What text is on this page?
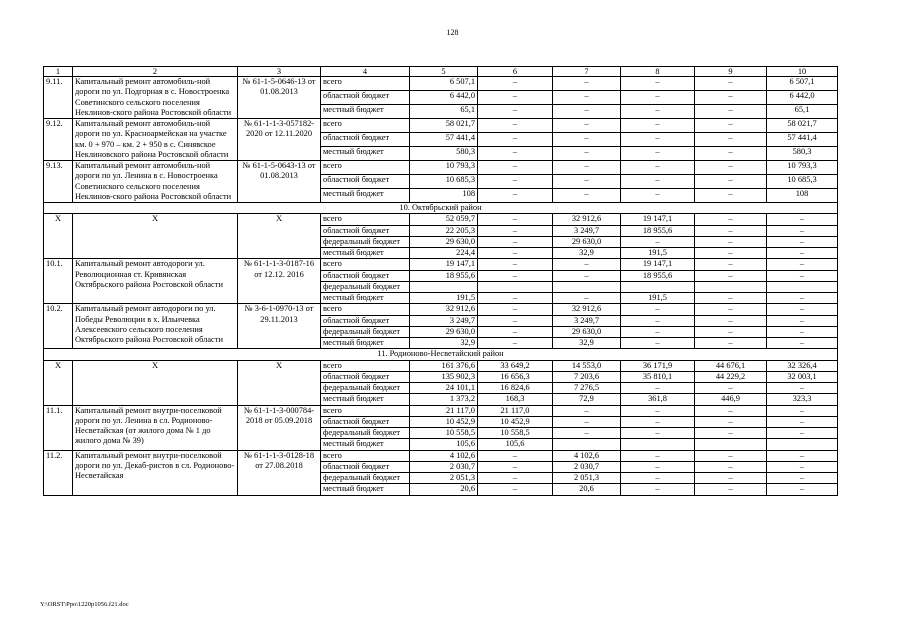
128
1	2	3	4	5	6	7	8	9	10
9.11.	Капитальный ремонт автомобиль-ной дороги по ул. Подгорная в с. Новостроенка Советинского сельского поселения Неклинов-ского района Ростовской области	№ 61-1-5-0646-13 от 01.08.2013	всего	6 507,1	–	–	–	–	6 507,1
			областной бюджет	6 442,0	–	–	–	–	6 442,0
			местный бюджет	65,1	–	–	–	–	65,1
9.12.	Капитальный ремонт автомобиль-ной дороги по ул. Красноармейская на участке км. 0 + 970 – км. 2 + 950 в с. Синявское Неклиновского района Ростовской области	№ 61-1-1-3-057182-2020 от 12.11.2020	всего	58 021,7	–	–	–	–	58 021,7
			областной бюджет	57 441,4	–	–	–	–	57 441,4
			местный бюджет	580,3	–	–	–	–	580,3
9.13.	Капитальный ремонт автомобиль-ной дороги по ул. Ленина в с. Новостроенка Советинского сельского поселения Неклинов-ского района Ростовской области	№ 61-1-5-0643-13 от 01.08.2013	всего	10 793,3	–	–	–	–	10 793,3
			областной бюджет	10 685,3	–	–	–	–	10 685,3
			местный бюджет	108	–	–	–	–	108
10. Октябрьский район									
Х	Х	Х	всего	52 059,7	–	32 912,6	19 147,1	–	–
			областной бюджет	22 205,3	–	3 249,7	18 955,6	–	–
			федеральный бюджет	29 630,0	–	29 630,0	–	–	–
			местный бюджет	224,4	–	32,9	191,5	–	–
10.1.	Капитальный ремонт автодороги ул. Революционная ст. Кривянская Октябрьского района Ростовской области	№ 61-1-1-3-0187-16 от 12.12. 2016	всего	19 147,1	–	–	19 147,1	–	–
			областной бюджет	18 955,6	–	–	18 955,6	–	–
			федеральный бюджет						
			местный бюджет	191,5	–	–	191,5	–	–
10.2.	Капитальный ремонт автодороги по ул. Победы Революции в х. Ильичевка Алексеевского сельского поселения Октябрьского района Ростовской области	№ 3-6-1-0970-13 от 29.11.2013	всего	32 912,6	–	32 912,6	–	–	–
			областной бюджет	3 249,7	–	3 249,7	–	–	–
			федеральный бюджет	29 630,0	–	29 630,0	–	–	–
			местный бюджет	32,9	–	32,9	–	–	–
11. Родионово-Несветайский район									
Х	Х	Х	всего	161 376,6	33 649,2	14 553,0	36 171,9	44 676,1	32 326,4
			областной бюджет	135 902,3	16 656,3	7 203,6	35 810,1	44 229,2	32 003,1
			федеральный бюджет	24 101,1	16 824,6	7 276,5	–	–	–
			местный бюджет	1 373,2	168,3	72,9	361,8	446,9	323,3
11.1.	Капитальный ремонт внутри-поселковой дороги по ул. Ленина в сл. Родионово-Несветайская (от жилого дома № 1 до жилого дома № 39)	№ 61-1-1-3-000784-2018 от 05.09.2018	всего	21 117,0	21 117,0	–	–	–	–
			областной бюджет	10 452,9	10 452,9	–	–	–	–
			федеральный бюджет	10 558,5	10 558,5	–	–	–	–
			местный бюджет	105,6	105,6				
11.2.	Капитальный ремонт внутри-поселковой дороги по ул. Декаб-ристов в сл. Родионово-Несветайская	№ 61-1-1-3-0128-18 от 27.08.2018	всего	4 102,6	–	4 102,6	–	–	–
			областной бюджет	2 030,7	–	2 030,7	–	–	–
			федеральный бюджет	2 051,3	–	2 051,3	–	–	–
			местный бюджет	20,6	–	20,6	–	–	–
Y:\ORST\Ppo\1220p1056.f21.doc
